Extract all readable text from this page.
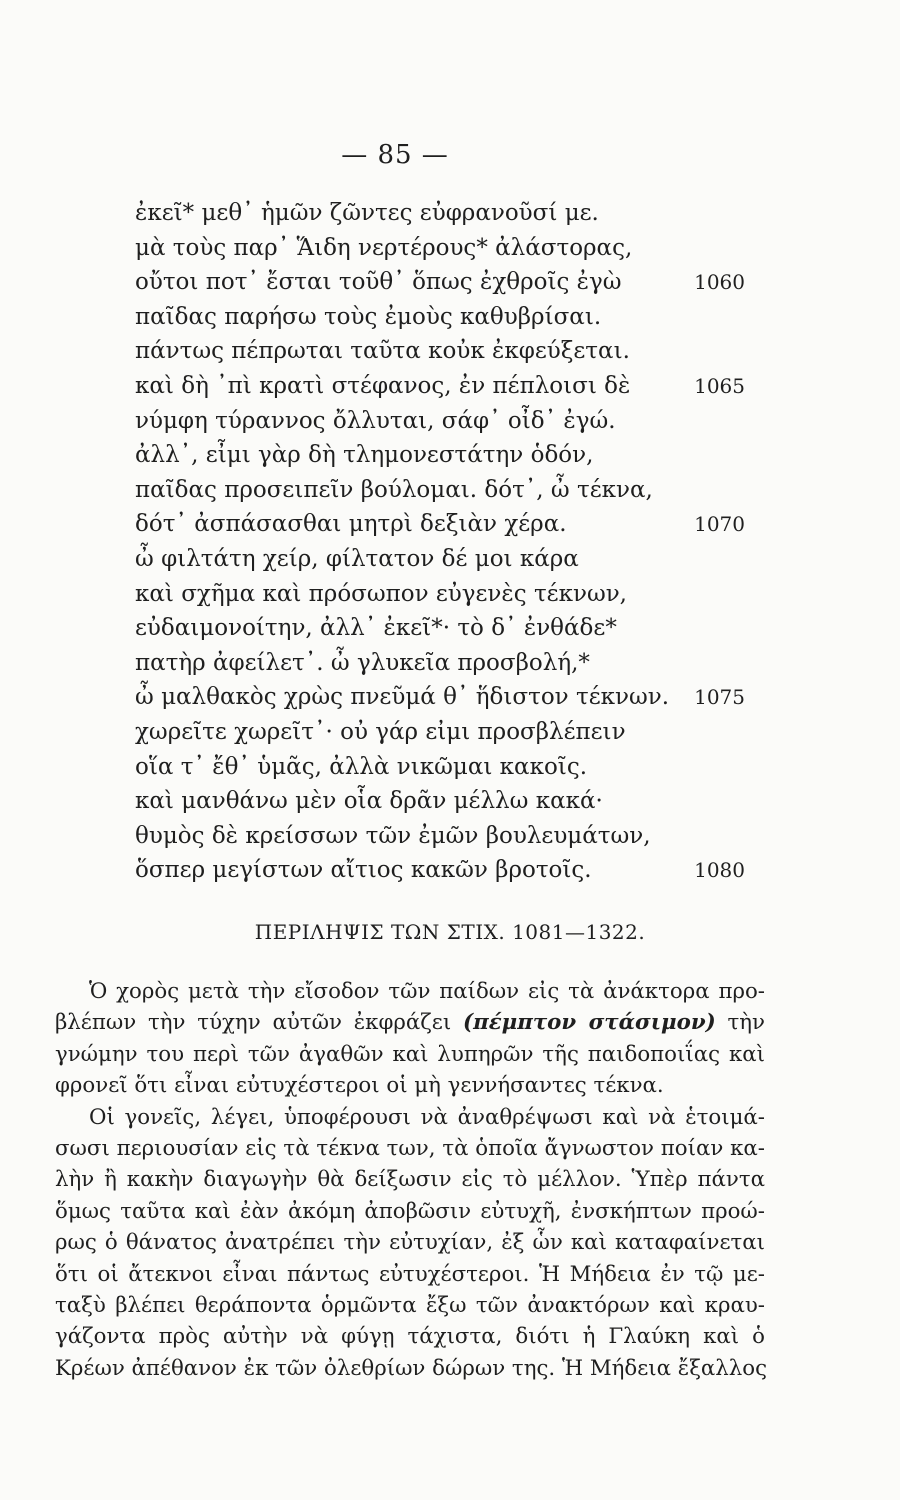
— 85 —
ἐκεῖ* μεθ᾽ ἡμῶν ζῶντες εὐφρανοῦσί με.
μὰ τοὺς παρ᾽ Ἅιδη νερτέρους* ἀλάστορας,
οὔτοι ποτ᾽ ἔσται τοῦθ᾽ ὅπως ἐχθροῖς ἐγὼ	1060
παῖδας παρήσω τοὺς ἐμοὺς καθυβρίσαι.
πάντως πέπρωται ταῦτα κοὐκ ἐκφεύξεται.
καὶ δὴ ᾽πὶ κρατὶ στέφανος, ἐν πέπλοισι δὲ	1065
νύμφη τύραννος ὄλλυται, σάφ᾽ οἶδ᾽ ἐγώ.
ἀλλ᾽, εἶμι γὰρ δὴ τλημονεστάτην ὁδόν,
παῖδας προσειπεῖν βούλομαι. δότ᾽, ὦ τέκνα,
δότ᾽ ἀσπάσασθαι μητρὶ δεξιὰν χέρα.	1070
ὦ φιλτάτη χείρ, φίλτατον δέ μοι κάρα
καὶ σχῆμα καὶ πρόσωπον εὐγενὲς τέκνων,
εὐδαιμονοίτην, ἀλλ᾽ ἐκεῖ*· τὸ δ᾽ ἐνθάδε*
πατὴρ ἀφείλετ᾽. ὦ γλυκεῖα προσβολή,*
ὦ μαλθακὸς χρὼς πνεῦμά θ᾽ ἥδιστον τέκνων. 1075
χωρεῖτε χωρεῖτ᾽· οὐ γάρ εἰμι προσβλέπειν
οἵα τ᾽ ἔθ᾽ ὑμᾶς, ἀλλὰ νικῶμαι κακοῖς.
καὶ μανθάνω μὲν οἷα δρᾶν μέλλω κακά·
θυμὸς δὲ κρείσσων τῶν ἐμῶν βουλευμάτων,
ὅσπερ μεγίστων αἴτιος κακῶν βροτοῖς.	1080
ΠΕΡΙΛΗΨΙΣ ΤΩΝ ΣΤΙΧ. 1081—1322.
Ὁ χορὸς μετὰ τὴν εἴσοδον τῶν παίδων εἰς τὰ ἀνάκτορα προ-
βλέπων τὴν τύχην αὐτῶν ἐκφράζει (πέμπτον στάσιμον) τὴν
γνώμην του περὶ τῶν ἀγαθῶν καὶ λυπηρῶν τῆς παιδοποιΐας καὶ
φρονεῖ ὅτι εἶναι εὐτυχέστεροι οἱ μὴ γεννήσαντες τέκνα.
Οἱ γονεῖς, λέγει, ὑποφέρουσι νὰ ἀναθρέψωσι καὶ νὰ ἑτοιμά-
σωσι περιουσίαν εἰς τὰ τέκνα των, τὰ ὁποῖα ἄγνωστον ποίαν κα-
λὴν ἢ κακὴν διαγωγὴν θὰ δείξωσιν εἰς τὸ μέλλον. Ὑπὲρ πάντα
ὅμως ταῦτα καὶ ἐὰν ἀκόμη ἀποβῶσιν εὐτυχῆ, ἐνσκήπτων προώ-
ρως ὁ θάνατος ἀνατρέπει τὴν εὐτυχίαν, ἐξ ὧν καὶ καταφαίνεται
ὅτι οἱ ἄτεκνοι εἶναι πάντως εὐτυχέστεροι. Ἡ Μήδεια ἐν τῷ με-
ταξὺ βλέπει θεράποντα ὁρμῶντα ἔξω τῶν ἀνακτόρων καὶ κραυ-
γάζοντα πρὸς αὐτὴν νὰ φύγῃ τάχιστα, διότι ἡ Γλαύκη καὶ ὁ
Κρέων ἀπέθανον ἐκ τῶν ὀλεθρίων δώρων της. Ἡ Μήδεια ἔξαλλος
